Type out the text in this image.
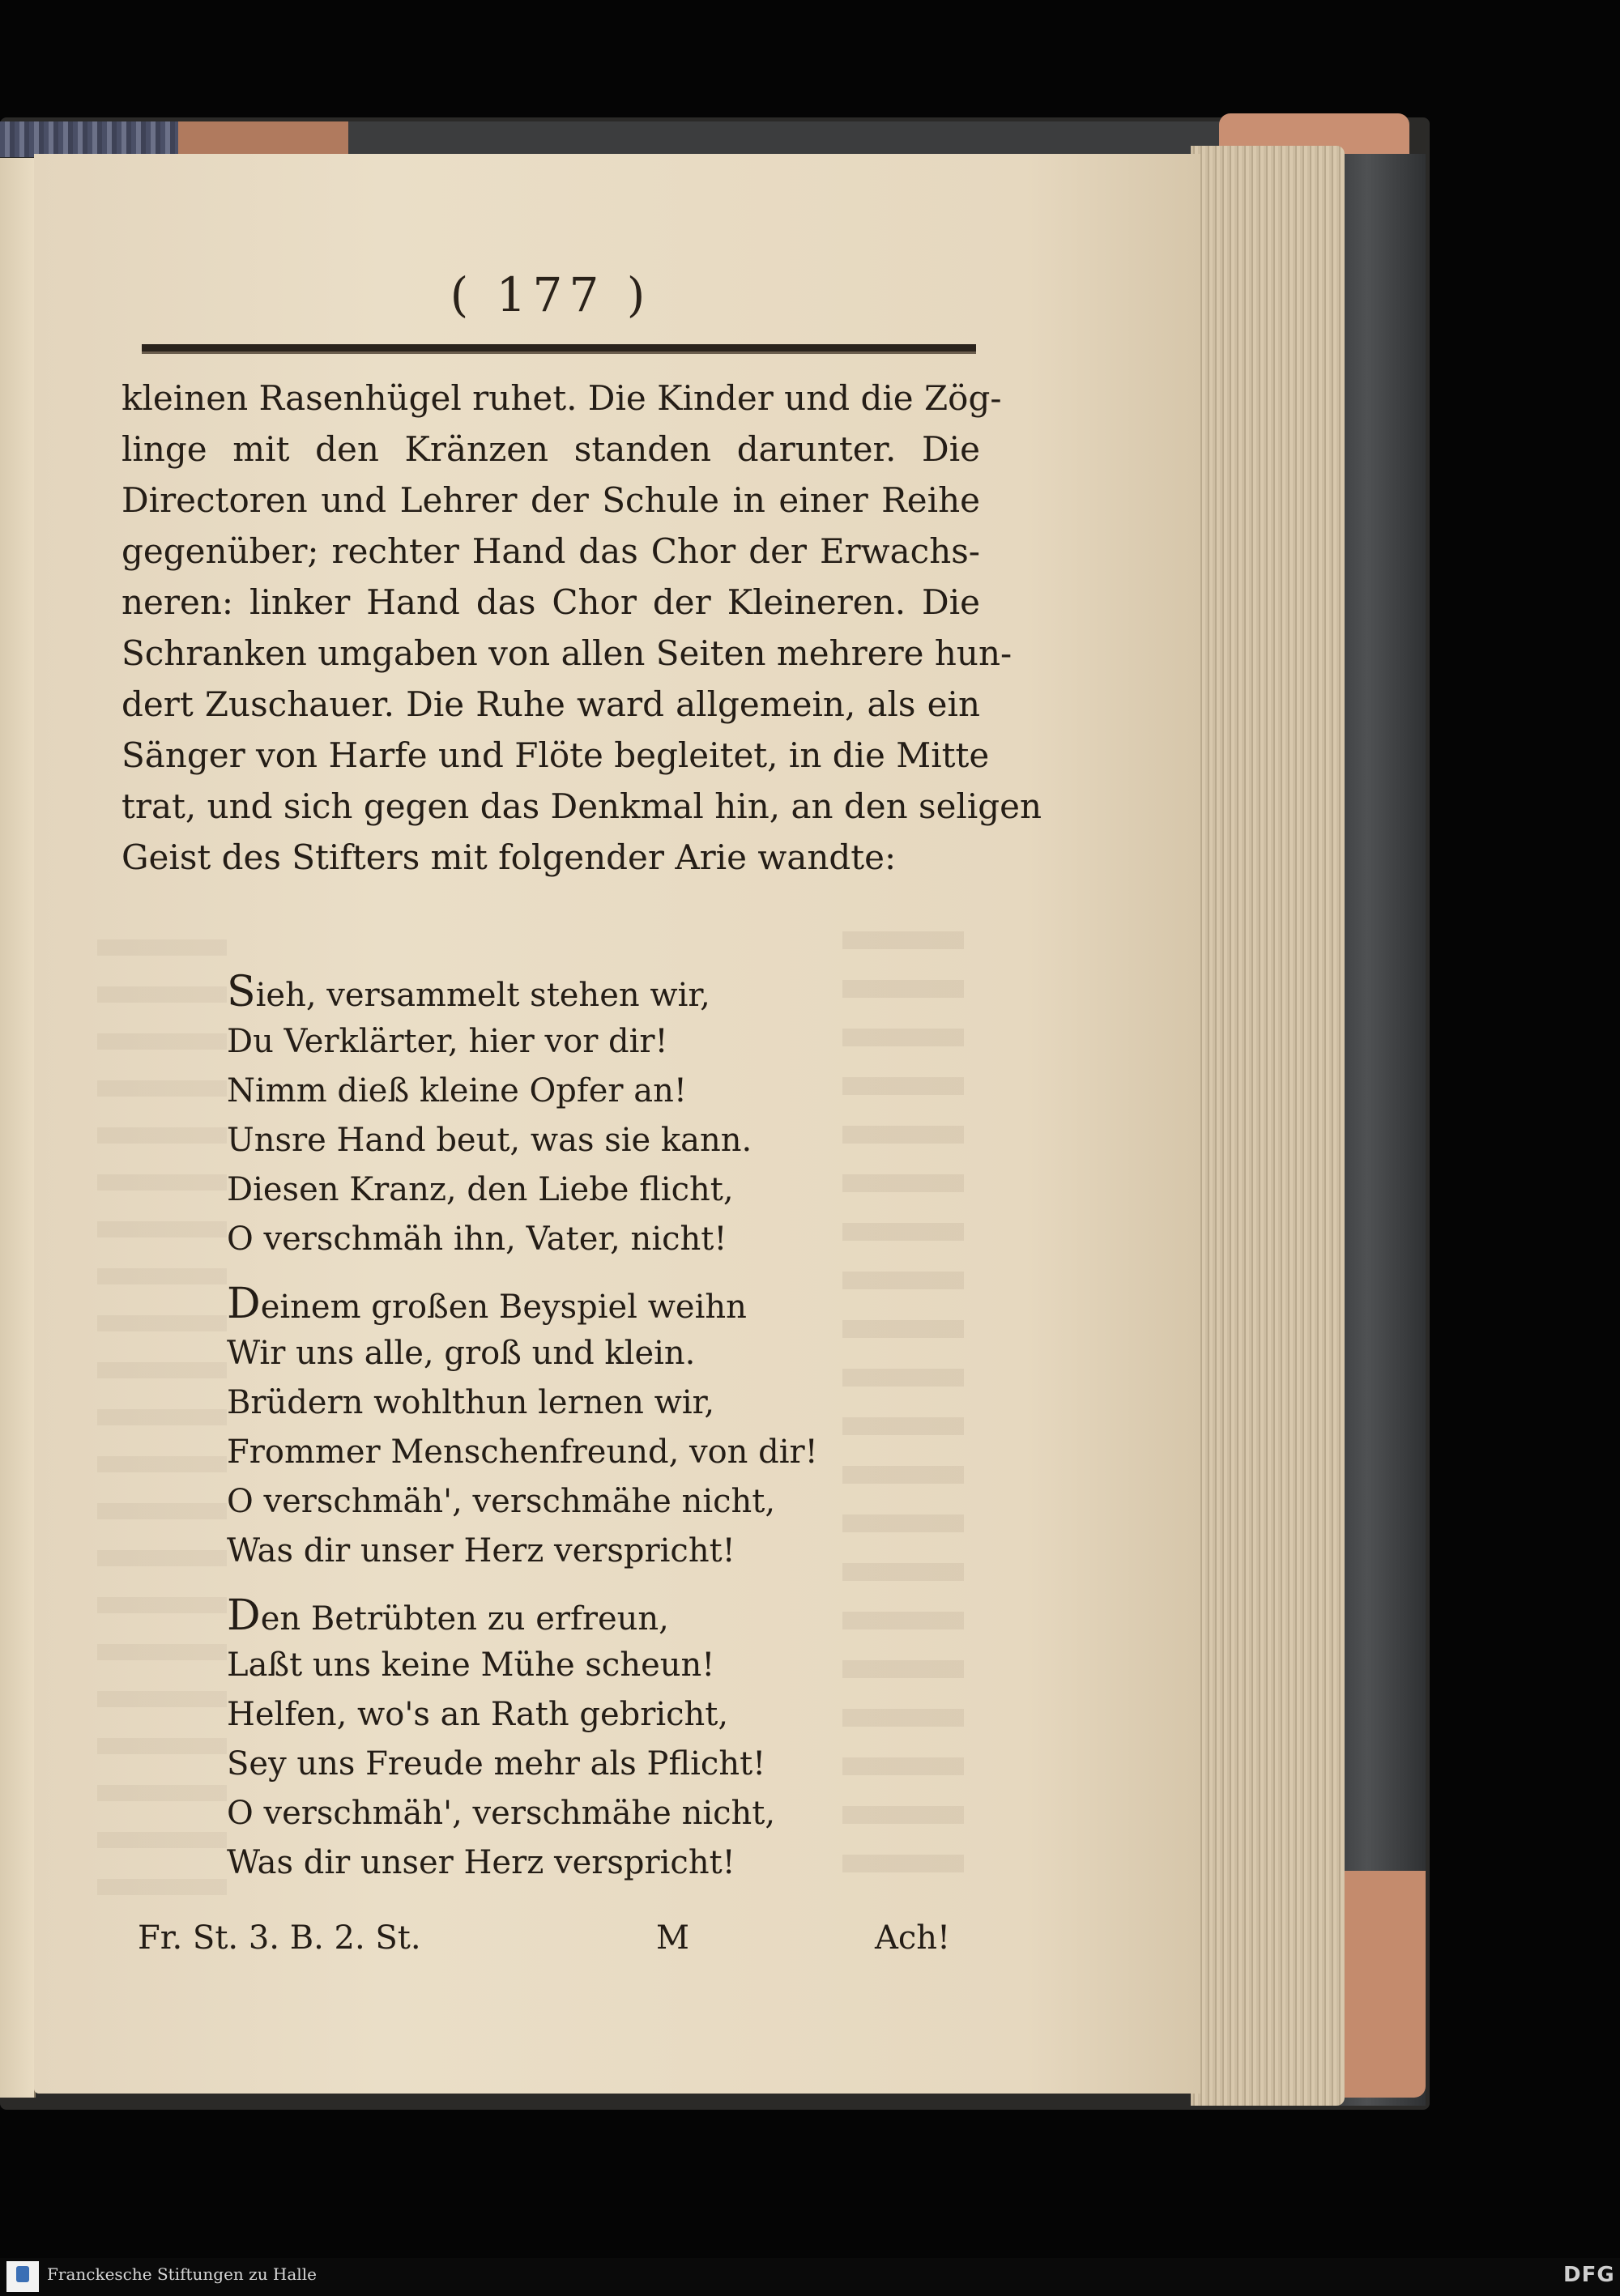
( 177 )
kleinen Rasenhügel ruhet. Die Kinder und die Zög-
linge mit den Kränzen standen darunter. Die
Directoren und Lehrer der Schule in einer Reihe
gegenüber; rechter Hand das Chor der Erwachs-
neren: linker Hand das Chor der Kleineren. Die
Schranken umgaben von allen Seiten mehrere hun-
dert Zuschauer. Die Ruhe ward allgemein, als ein
Sänger von Harfe und Flöte begleitet, in die Mitte
trat, und sich gegen das Denkmal hin, an den seligen
Geist des Stifters mit folgender Arie wandte:
Sieh, versammelt stehen wir,
Du Verklärter, hier vor dir!
Nimm dieß kleine Opfer an!
Unsre Hand beut, was sie kann.
Diesen Kranz, den Liebe flicht,
O verschmäh ihn, Vater, nicht!
Deinem großen Beyspiel weihn
Wir uns alle, groß und klein.
Brüdern wohlthun lernen wir,
Frommer Menschenfreund, von dir!
O verschmäh', verschmähe nicht,
Was dir unser Herz verspricht!
Den Betrübten zu erfreun,
Laßt uns keine Mühe scheun!
Helfen, wo's an Rath gebricht,
Sey uns Freude mehr als Pflicht!
O verschmäh', verschmähe nicht,
Was dir unser Herz verspricht!
Fr. St. 3. B. 2. St.	M	Ach!
Franckesche Stiftungen zu Halle	DFG
